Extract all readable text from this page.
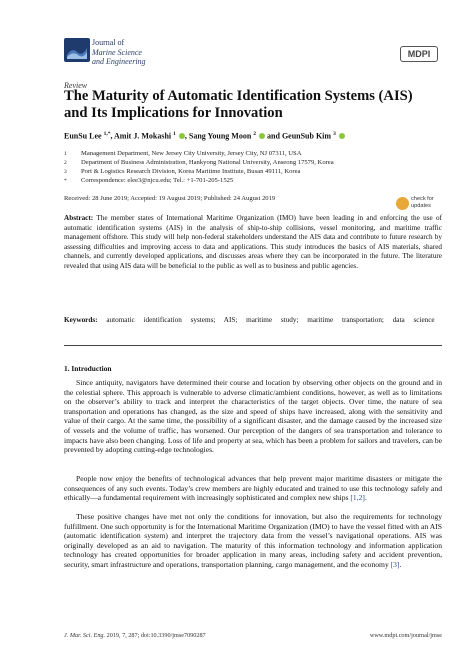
Journal of
Marine Science
and Engineering
MDPI
Review
The Maturity of Automatic Identification Systems (AIS) and Its Implications for Innovation
EunSu Lee $^{1,*}$, Amit J. Mokashi $^1$ , Sang Young Moon $^2$  and GeunSub Kim $^3$
1	Management Department, New Jersey City University, Jersey City, NJ 07311, USA
2	Department of Business Administration, Hankyong National University, Anseong 17579, Korea
3	Port & Logistics Research Division, Korea Maritime Institute, Busan 49111, Korea
*	Correspondence: elee3@njcu.edu; Tel.: +1-701-205-1525
Received: 28 June 2019; Accepted: 19 August 2019; Published: 24 August 2019	check for
updates
Abstract: The member states of International Maritime Organization (IMO) have been leading in and enforcing the use of automatic identification systems (AIS) in the analysis of ship-to-ship collisions, vessel monitoring, and maritime traffic management offshore. This study will help non-federal stakeholders understand the AIS data and contribute to future research by assessing difficulties and improving access to data and applications. This study introduces the basics of AIS materials, shared channels, and currently developed applications, and discusses areas where they can be incorporated in the future. The literature revealed that using AIS data will be beneficial to the public as well as to business and public agencies.
Keywords: automatic identification systems; AIS; maritime study; maritime transportation; data science
1. Introduction
Since antiquity, navigators have determined their course and location by observing other objects on the ground and in the celestial sphere. This approach is vulnerable to adverse climatic/ambient conditions, however, as well as to limitations on the observer’s ability to track and interpret the characteristics of the target objects. Over time, the nature of sea transportation and operations has changed, as the size and speed of ships have increased, along with the sensitivity and value of their cargo. At the same time, the possibility of a significant disaster, and the damage caused by the increased size of vessels and the volume of traffic, has worsened. Our perception of the dangers of sea transportation and tolerance to impacts have also been changing. Loss of life and property at sea, which has been a problem for sailors and travelers, can be prevented by adopting cutting-edge technologies.
People now enjoy the benefits of technological advances that help prevent major maritime disasters or mitigate the consequences of any such events. Today’s crew members are highly educated and trained to use this technology safely and ethically—a fundamental requirement with increasingly sophisticated and complex new ships [1,2].
These positive changes have met not only the conditions for innovation, but also the requirements for technology fulfillment. One such opportunity is for the International Maritime Organization (IMO) to have the vessel fitted with an AIS (automatic identification system) and interpret the trajectory data from the vessel’s navigational operations. AIS was originally developed as an aid to navigation. The maturity of this information technology and information application technology has created opportunities for broader application in many areas, including safety and accident prevention, security, smart infrastructure and operations, transportation planning, cargo management, and the economy [3].
J. Mar. Sci. Eng. 2019, 7, 287; doi:10.3390/jmse7090287	www.mdpi.com/journal/jmse
